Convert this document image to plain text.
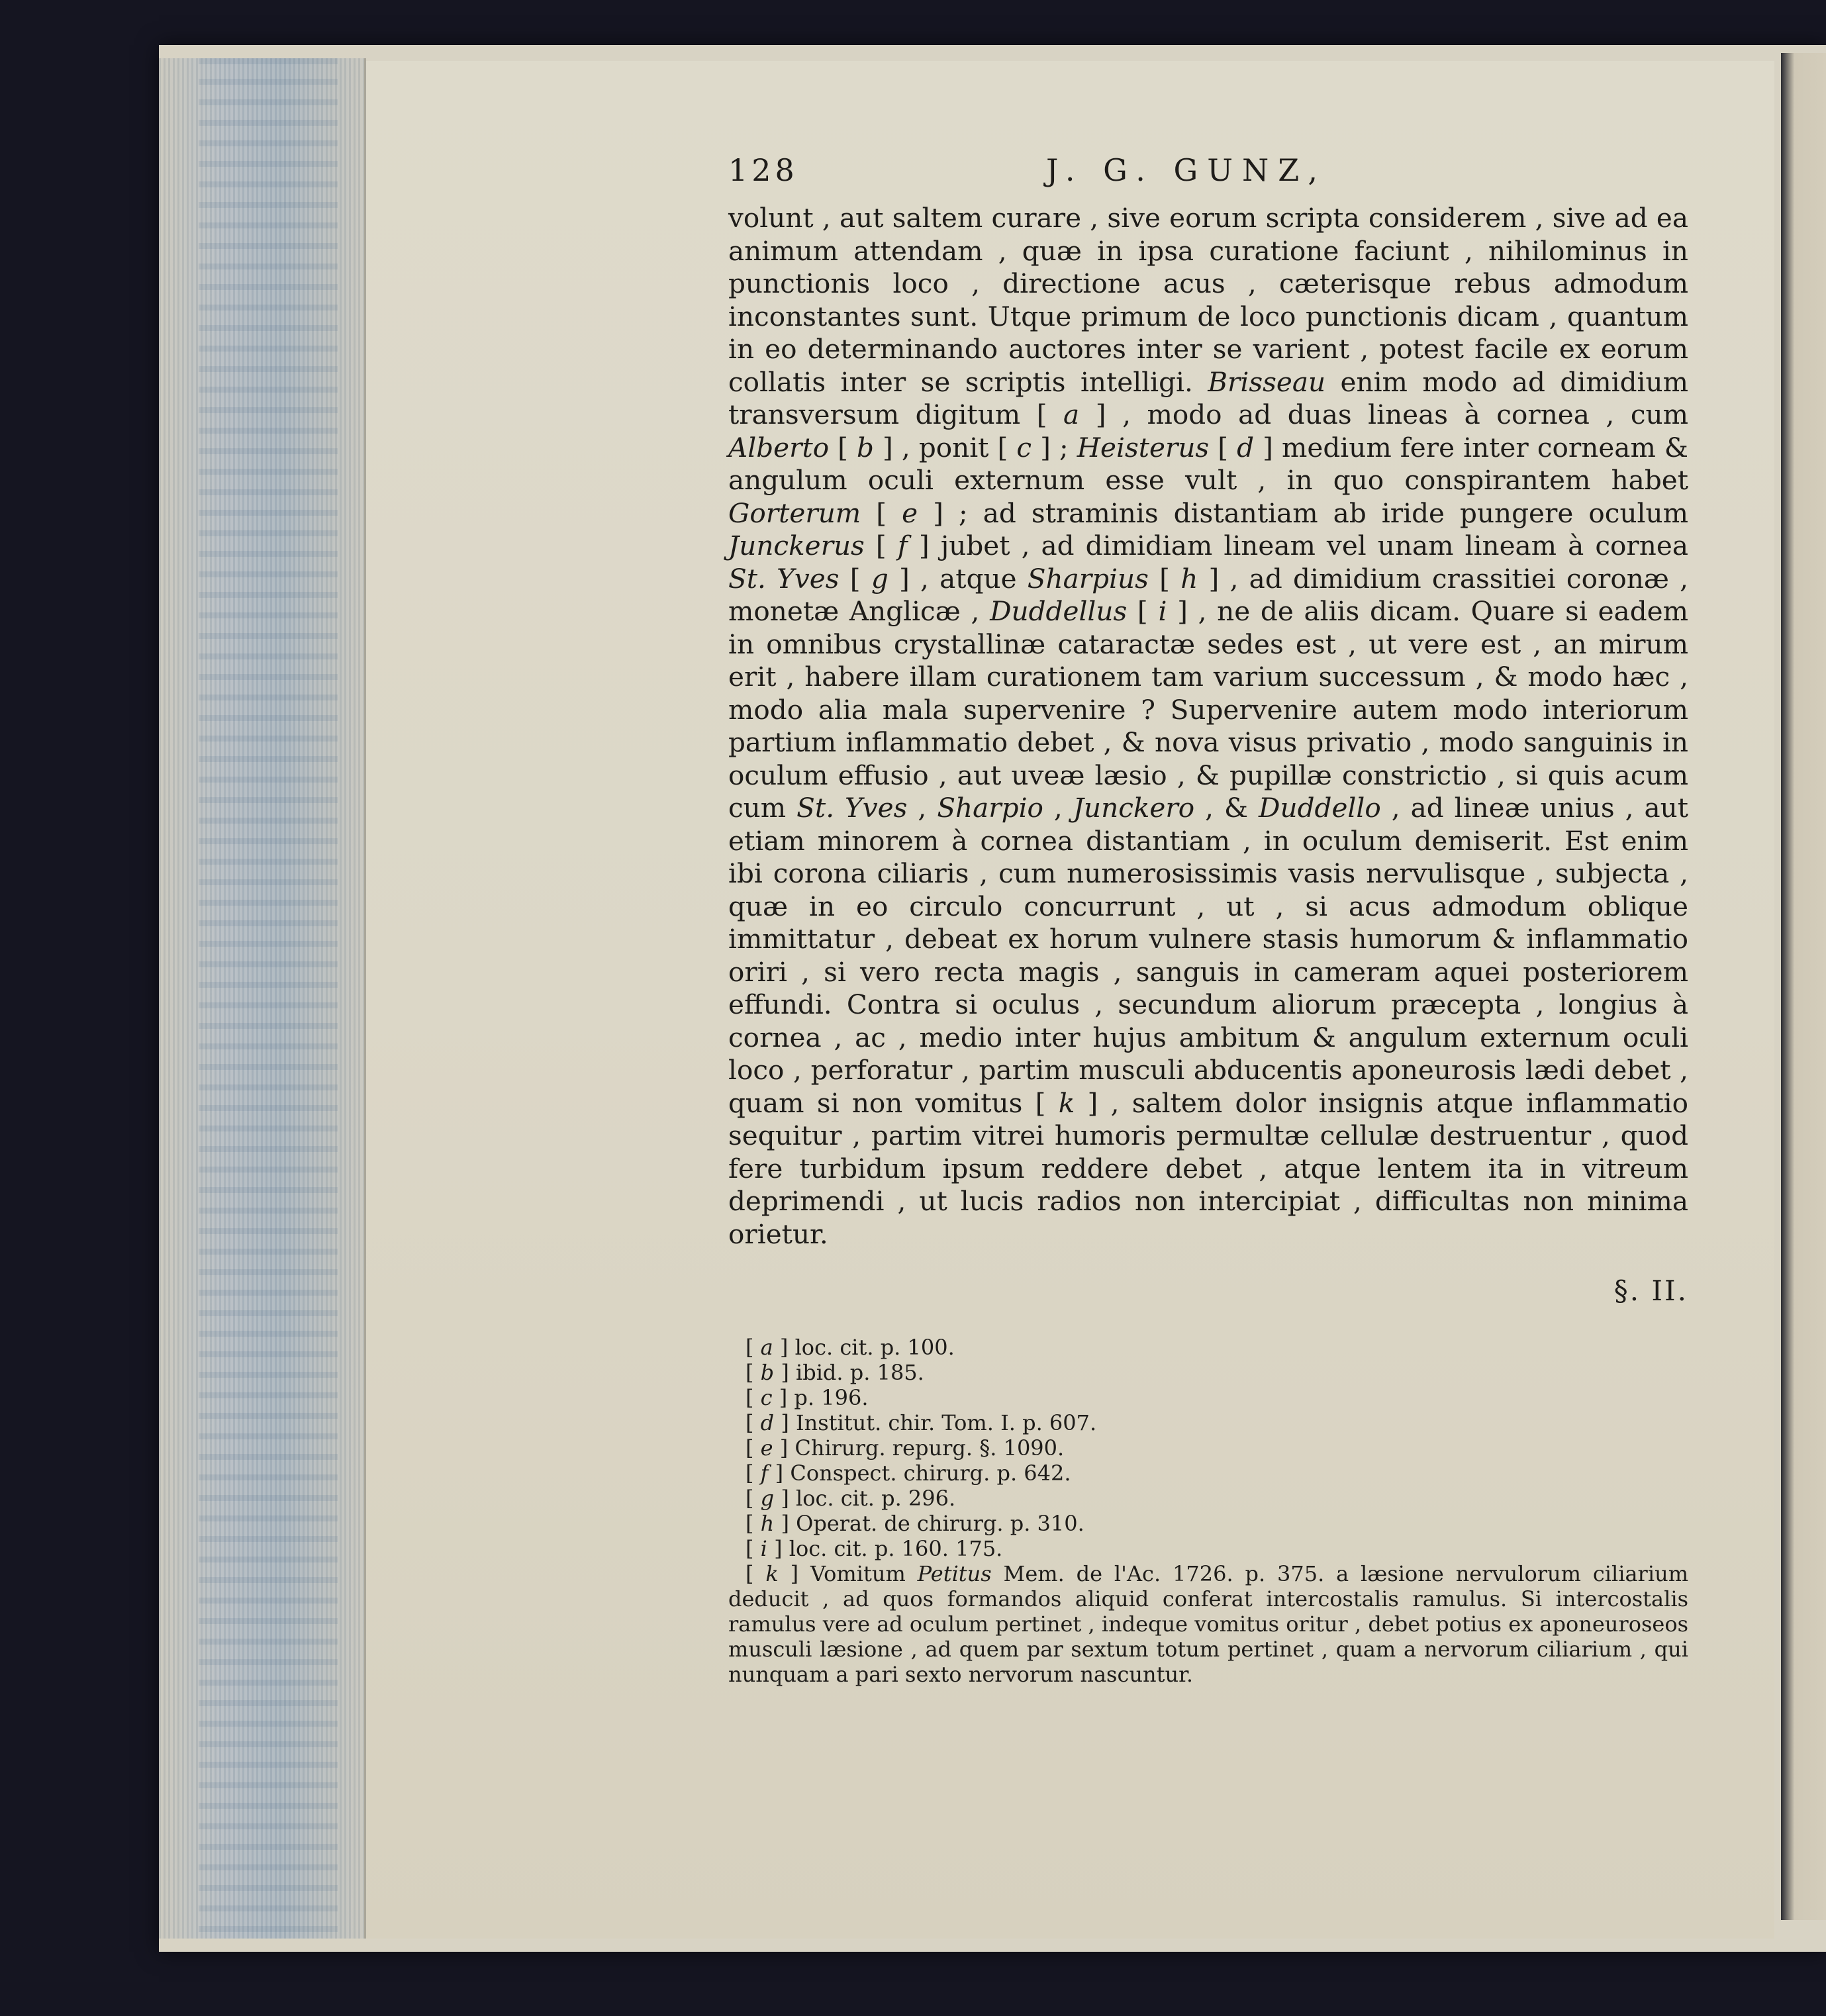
128	J. G. GUNZ,

volunt , aut saltem curare , sive eorum scripta considerem , sive ad ea animum attendam , quæ in ipsa curatione faciunt , nihilominus in punctionis loco , directione acus , cæterisque rebus admodum inconstantes sunt. Utque primum de loco punctionis dicam , quantum in eo determinando auctores inter se varient , potest facile ex eorum collatis inter se scriptis intelligi. Brisseau enim modo ad dimidium transversum digitum [ a ] , modo ad duas lineas à cornea , cum Alberto [ b ] , ponit [ c ] ; Heisterus [ d ] medium fere inter corneam & angulum oculi externum esse vult , in quo conspirantem habet Gorterum [ e ] ; ad straminis distantiam ab iride pungere oculum Junckerus [ f ] jubet , ad dimidiam lineam vel unam lineam à cornea St. Yves [ g ] , atque Sharpius [ h ] , ad dimidium crassitiei coronæ , monetæ Anglicæ , Duddellus [ i ] , ne de aliis dicam. Quare si eadem in omnibus crystallinæ cataractæ sedes est , ut vere est , an mirum erit , habere illam curationem tam varium successum , & modo hæc , modo alia mala supervenire ? Supervenire autem modo interiorum partium inflammatio debet , & nova visus privatio , modo sanguinis in oculum effusio , aut uveæ læsio , & pupillæ constrictio , si quis acum cum St. Yves , Sharpio , Junckero , & Duddello , ad lineæ unius , aut etiam minorem à cornea distantiam , in oculum demiserit. Est enim ibi corona ciliaris , cum numerosissimis vasis nervulisque , subjecta , quæ in eo circulo concurrunt , ut , si acus admodum oblique immittatur , debeat ex horum vulnere stasis humorum & inflammatio oriri , si vero recta magis , sanguis in cameram aquei posteriorem effundi. Contra si oculus , secundum aliorum præcepta , longius à cornea , ac , medio inter hujus ambitum & angulum externum oculi loco , perforatur , partim musculi abducentis aponeurosis lædi debet , quam si non vomitus [ k ] , saltem dolor insignis atque inflammatio sequitur , partim vitrei humoris permultæ cellulæ destruentur , quod fere turbidum ipsum reddere debet , atque lentem ita in vitreum deprimendi , ut lucis radios non intercipiat , difficultas non minima orietur.

§. II.
[ a ] loc. cit. p. 100.
[ b ] ibid. p. 185.
[ c ] p. 196.
[ d ] Institut. chir. Tom. I. p. 607.
[ e ] Chirurg. repurg. §. 1090.
[ f ] Conspect. chirurg. p. 642.
[ g ] loc. cit. p. 296.
[ h ] Operat. de chirurg. p. 310.
[ i ] loc. cit. p. 160. 175.
[ k ] Vomitum Petitus Mem. de l'Ac. 1726. p. 375. a læsione nervulorum ciliarium deducit , ad quos formandos aliquid conferat intercostalis ramulus. Si intercostalis ramulus vere ad oculum pertinet , indeque vomitus oritur , debet potius ex aponeuroseos musculi læsione , ad quem par sextum totum pertinet , quam a nervorum ciliarium , qui nunquam a pari sexto nervorum nascuntur.
